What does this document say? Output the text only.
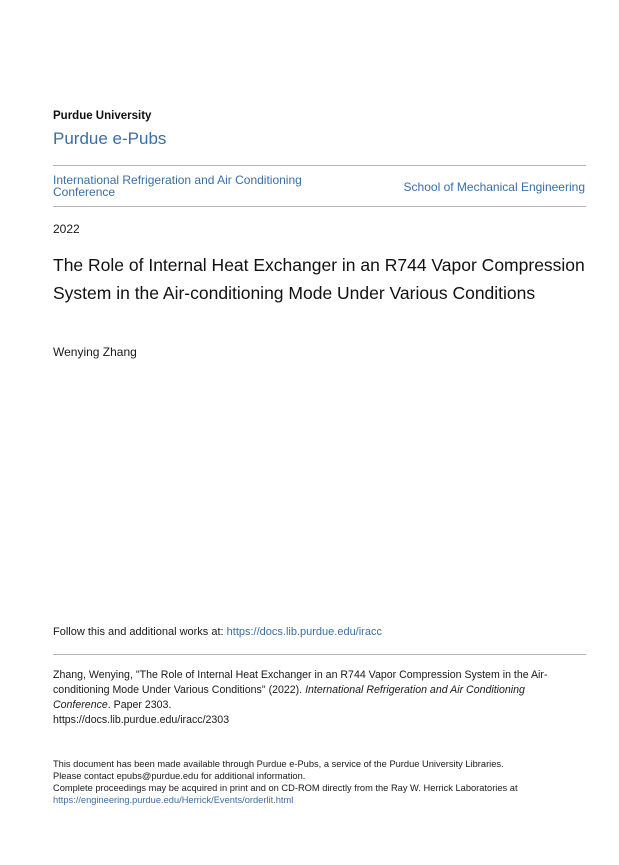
Purdue University
Purdue e-Pubs
International Refrigeration and Air Conditioning Conference	School of Mechanical Engineering
2022
The Role of Internal Heat Exchanger in an R744 Vapor Compression System in the Air-conditioning Mode Under Various Conditions
Wenying Zhang
Follow this and additional works at: https://docs.lib.purdue.edu/iracc
Zhang, Wenying, "The Role of Internal Heat Exchanger in an R744 Vapor Compression System in the Air-conditioning Mode Under Various Conditions" (2022). International Refrigeration and Air Conditioning Conference. Paper 2303.
https://docs.lib.purdue.edu/iracc/2303
This document has been made available through Purdue e-Pubs, a service of the Purdue University Libraries.
Please contact epubs@purdue.edu for additional information.
Complete proceedings may be acquired in print and on CD-ROM directly from the Ray W. Herrick Laboratories at
https://engineering.purdue.edu/Herrick/Events/orderlit.html
